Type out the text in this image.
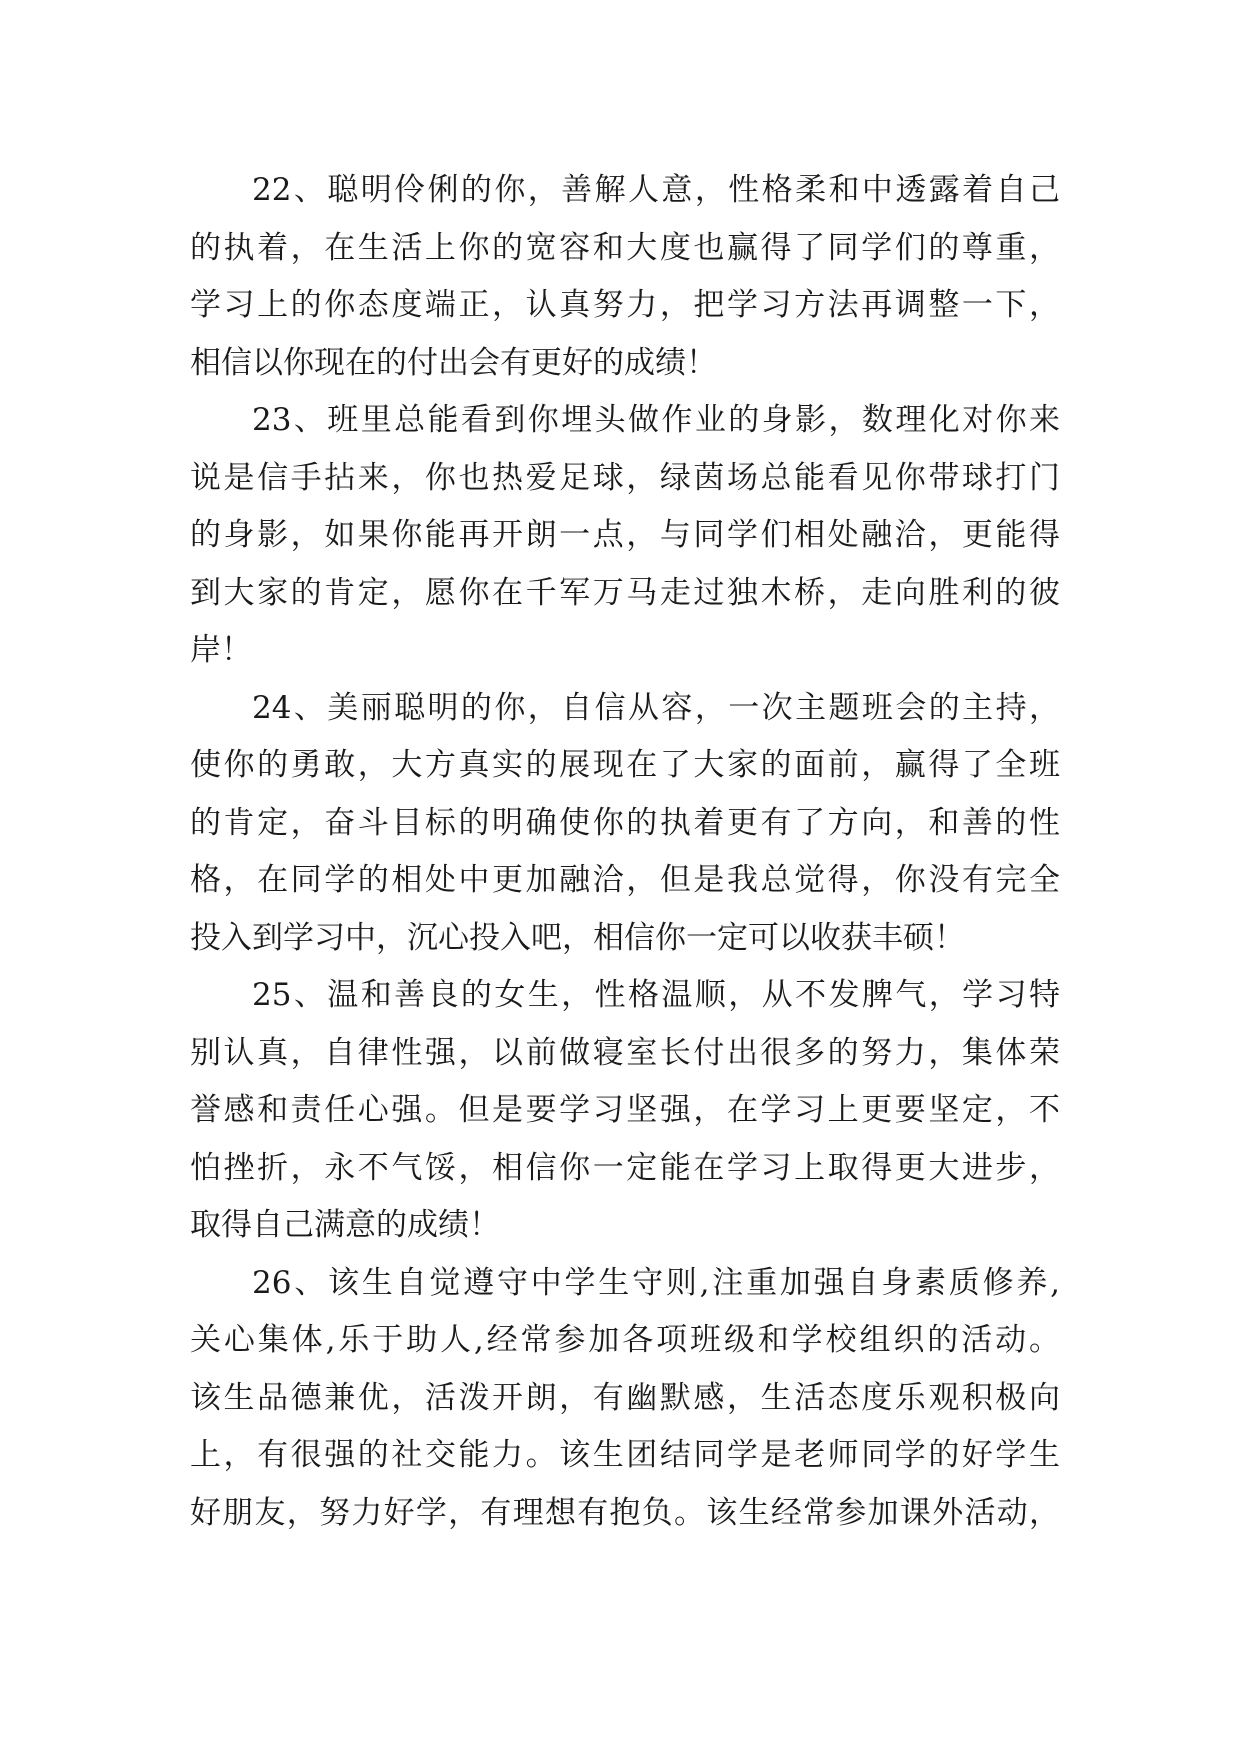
22、聪明伶俐的你，善解人意，性格柔和中透露着自己
的执着，在生活上你的宽容和大度也赢得了同学们的尊重，
学习上的你态度端正，认真努力，把学习方法再调整一下，
相信以你现在的付出会有更好的成绩！
23、班里总能看到你埋头做作业的身影，数理化对你来
说是信手拈来，你也热爱足球，绿茵场总能看见你带球打门
的身影，如果你能再开朗一点，与同学们相处融洽，更能得
到大家的肯定，愿你在千军万马走过独木桥，走向胜利的彼
岸！
24、美丽聪明的你，自信从容，一次主题班会的主持，
使你的勇敢，大方真实的展现在了大家的面前，赢得了全班
的肯定，奋斗目标的明确使你的执着更有了方向，和善的性
格，在同学的相处中更加融洽，但是我总觉得，你没有完全
投入到学习中，沉心投入吧，相信你一定可以收获丰硕！
25、温和善良的女生，性格温顺，从不发脾气，学习特
别认真，自律性强，以前做寝室长付出很多的努力，集体荣
誉感和责任心强。但是要学习坚强，在学习上更要坚定，不
怕挫折，永不气馁，相信你一定能在学习上取得更大进步，
取得自己满意的成绩！
26、该生自觉遵守中学生守则,注重加强自身素质修养,
关心集体,乐于助人,经常参加各项班级和学校组织的活动。
该生品德兼优，活泼开朗，有幽默感，生活态度乐观积极向
上，有很强的社交能力。该生团结同学是老师同学的好学生
好朋友，努力好学，有理想有抱负。该生经常参加课外活动，
